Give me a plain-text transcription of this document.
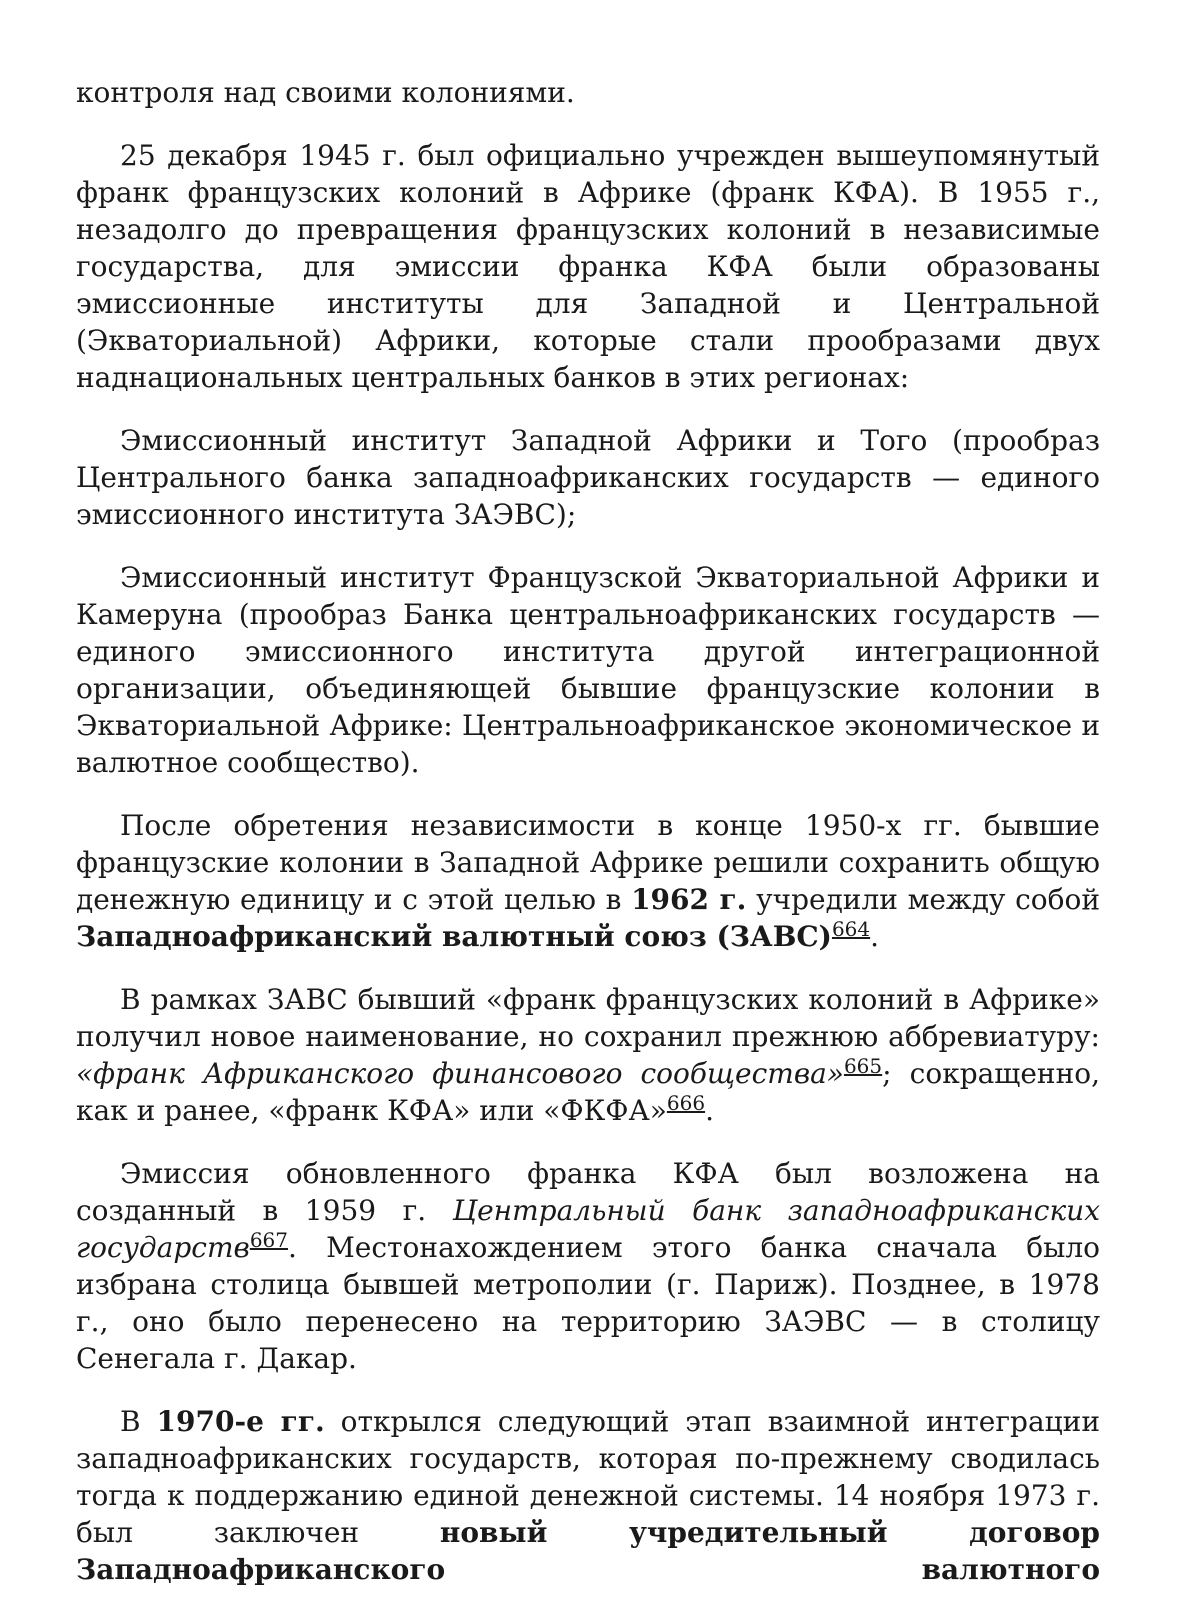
контроля над своими колониями.

25 декабря 1945 г. был официально учрежден вышеупомянутый франк французских колоний в Африке (франк КФА). В 1955 г., незадолго до превращения французских колоний в независимые государства, для эмиссии франка КФА были образованы эмиссионные институты для Западной и Центральной (Экваториальной) Африки, которые стали прообразами двух наднациональных центральных банков в этих регионах:

Эмиссионный институт Западной Африки и Того (прообраз Центрального банка западноафриканских государств — единого эмиссионного института ЗАЭВС);

Эмиссионный институт Французской Экваториальной Африки и Камеруна (прообраз Банка центральноафриканских государств — единого эмиссионного института другой интеграционной организации, объединяющей бывшие французские колонии в Экваториальной Африке: Центральноафриканское экономическое и валютное сообщество).

После обретения независимости в конце 1950-х гг. бывшие французские колонии в Западной Африке решили сохранить общую денежную единицу и с этой целью в 1962 г. учредили между собой Западноафриканский валютный союз (ЗАВС)$^{664}$.

В рамках ЗАВС бывший «франк французских колоний в Африке» получил новое наименование, но сохранил прежнюю аббревиатуру: «франк Африканского финансового сообщества»$^{665}$; сокращенно, как и ранее, «франк КФА» или «ФКФА»$^{666}$.

Эмиссия обновленного франка КФА был возложена на созданный в 1959 г. Центральный банк западноафриканских государств$^{667}$. Местонахождением этого банка сначала было избрана столица бывшей метрополии (г. Париж). Позднее, в 1978 г., оно было перенесено на территорию ЗАЭВС — в столицу Сенегала г. Дакар.

В 1970-е гг. открылся следующий этап взаимной интеграции западноафриканских государств, которая по-прежнему сводилась тогда к поддержанию единой денежной системы. 14 ноября 1973 г. был заключен новый учредительный договор Западноафриканского валютного
